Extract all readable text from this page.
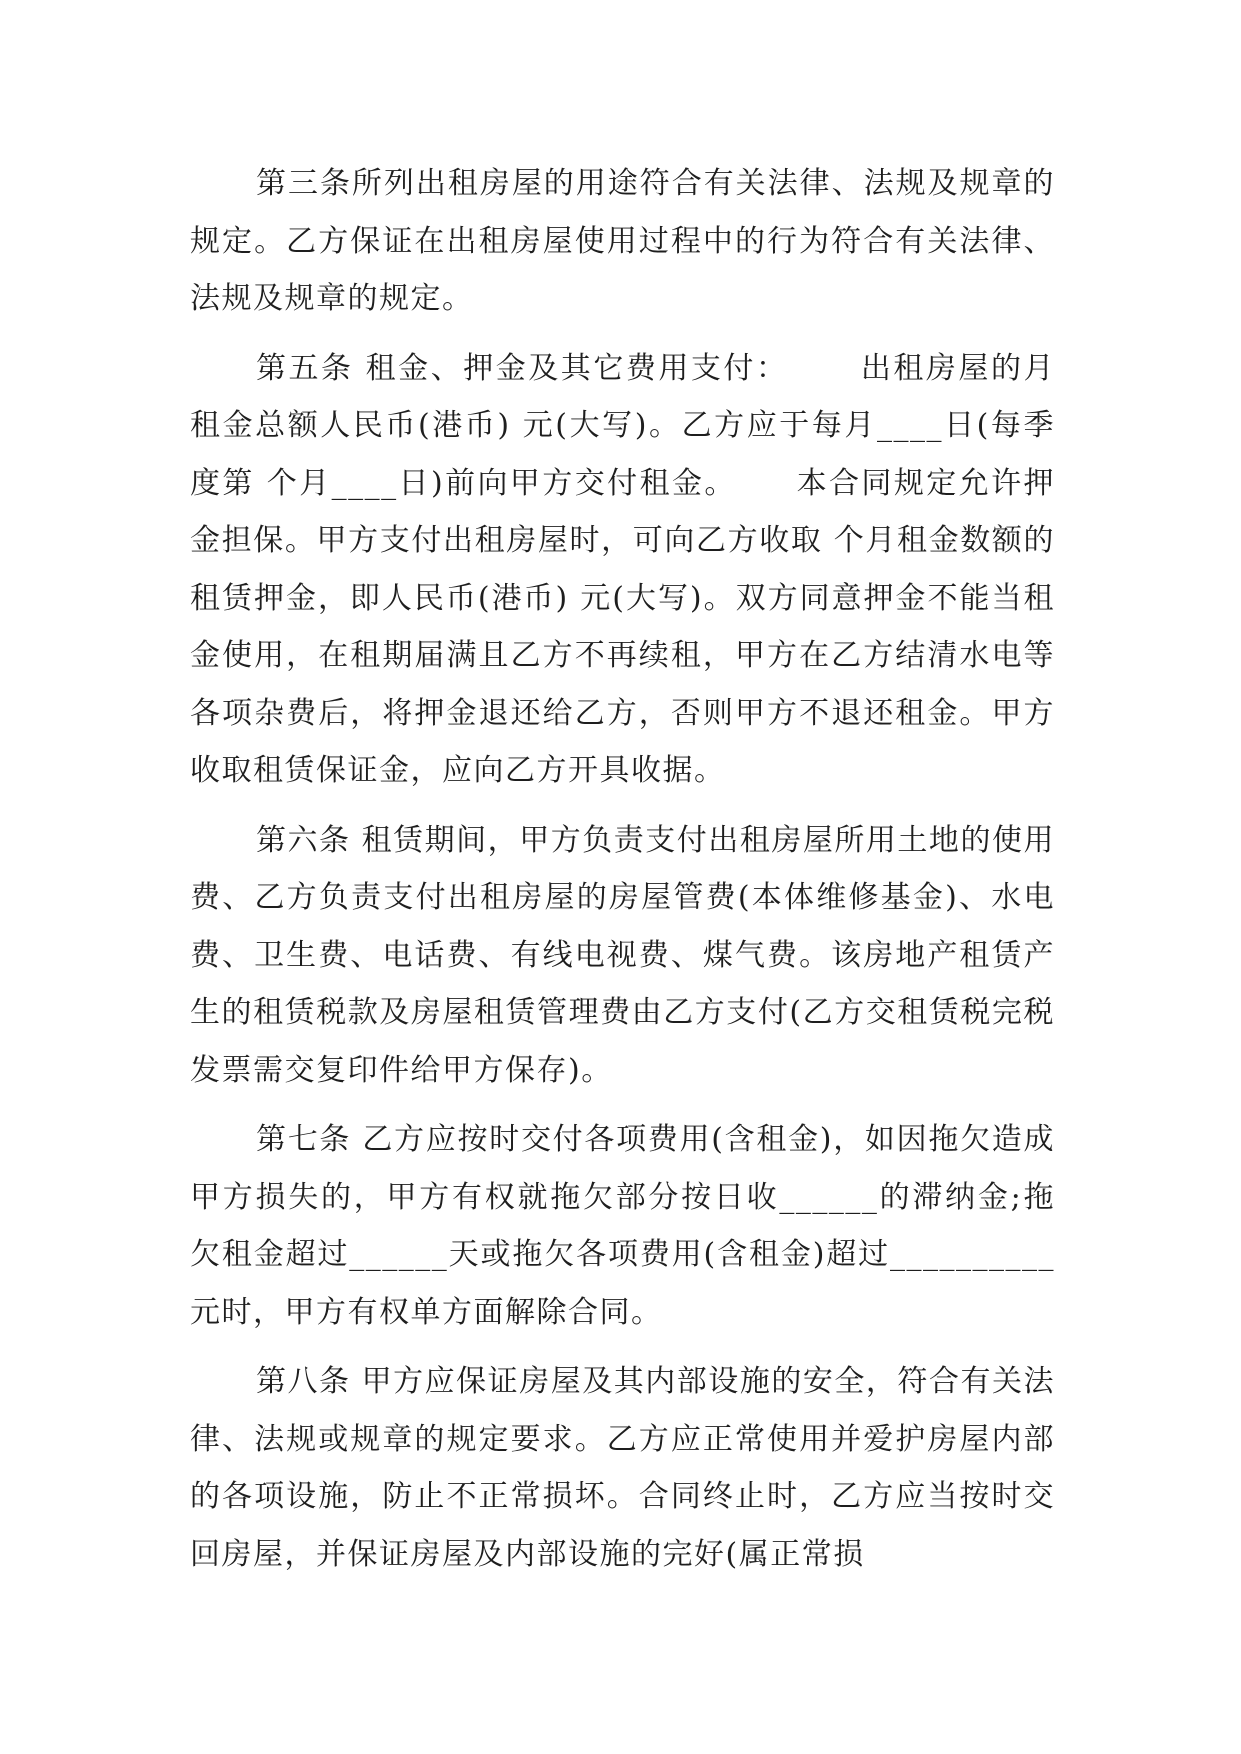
第三条所列出租房屋的用途符合有关法律、法规及规章的规定。乙方保证在出租房屋使用过程中的行为符合有关法律、法规及规章的规定。

第五条 租金、押金及其它费用支付：      出租房屋的月租金总额人民币(港币) 元(大写)。乙方应于每月____日(每季度第 个月____日)前向甲方交付租金。     本合同规定允许押金担保。甲方支付出租房屋时，可向乙方收取 个月租金数额的租赁押金，即人民币(港币) 元(大写)。双方同意押金不能当租金使用，在租期届满且乙方不再续租，甲方在乙方结清水电等各项杂费后，将押金退还给乙方，否则甲方不退还租金。甲方收取租赁保证金，应向乙方开具收据。

第六条 租赁期间，甲方负责支付出租房屋所用土地的使用费、乙方负责支付出租房屋的房屋管费(本体维修基金)、水电费、卫生费、电话费、有线电视费、煤气费。该房地产租赁产生的租赁税款及房屋租赁管理费由乙方支付(乙方交租赁税完税发票需交复印件给甲方保存)。

第七条 乙方应按时交付各项费用(含租金)，如因拖欠造成甲方损失的，甲方有权就拖欠部分按日收______的滞纳金;拖欠租金超过______天或拖欠各项费用(含租金)超过__________元时，甲方有权单方面解除合同。

第八条 甲方应保证房屋及其内部设施的安全，符合有关法律、法规或规章的规定要求。乙方应正常使用并爱护房屋内部的各项设施，防止不正常损坏。合同终止时，乙方应当按时交回房屋，并保证房屋及内部设施的完好(属正常损
